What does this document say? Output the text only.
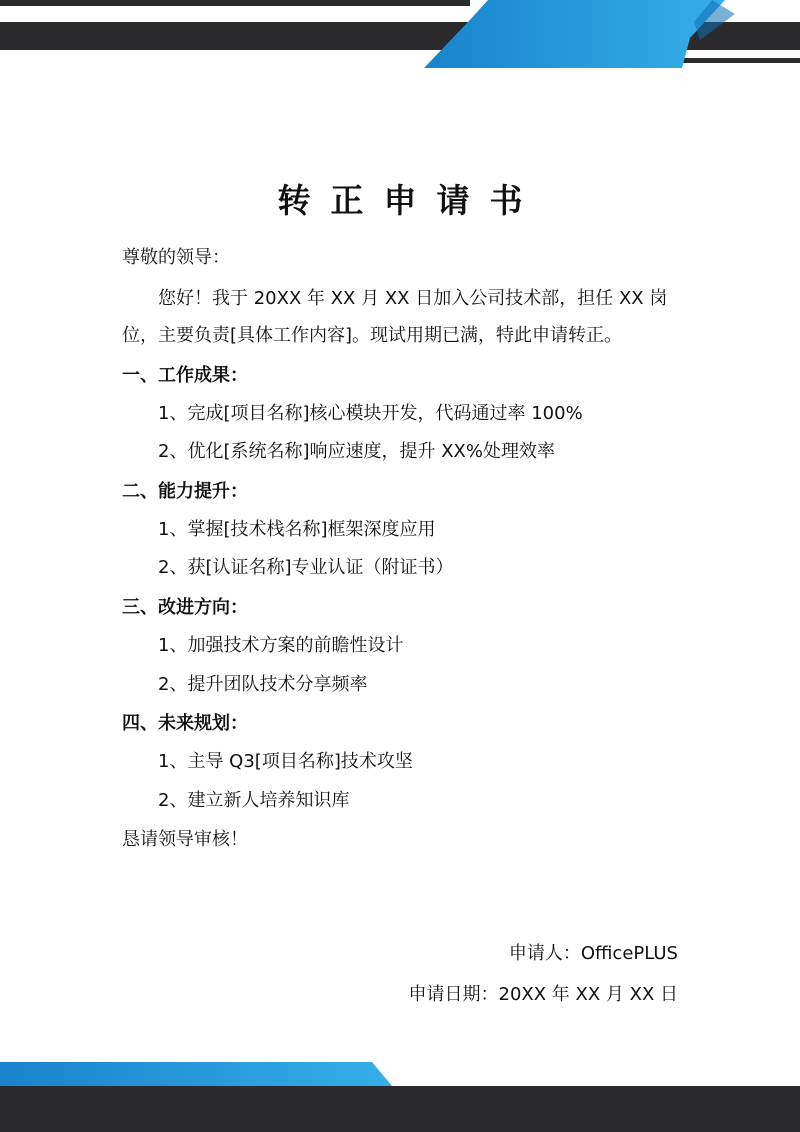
转正申请书
尊敬的领导：
您好！我于 20XX 年 XX 月 XX 日加入公司技术部，担任 XX 岗
位，主要负责[具体工作内容]。现试用期已满，特此申请转正。
一、工作成果：
1、完成[项目名称]核心模块开发，代码通过率 100%
2、优化[系统名称]响应速度，提升 XX%处理效率
二、能力提升：
1、掌握[技术栈名称]框架深度应用
2、获[认证名称]专业认证（附证书）
三、改进方向：
1、加强技术方案的前瞻性设计
2、提升团队技术分享频率
四、未来规划：
1、主导 Q3[项目名称]技术攻坚
2、建立新人培养知识库
恳请领导审核！
申请人：OfficePLUS
申请日期：20XX 年 XX 月 XX 日
